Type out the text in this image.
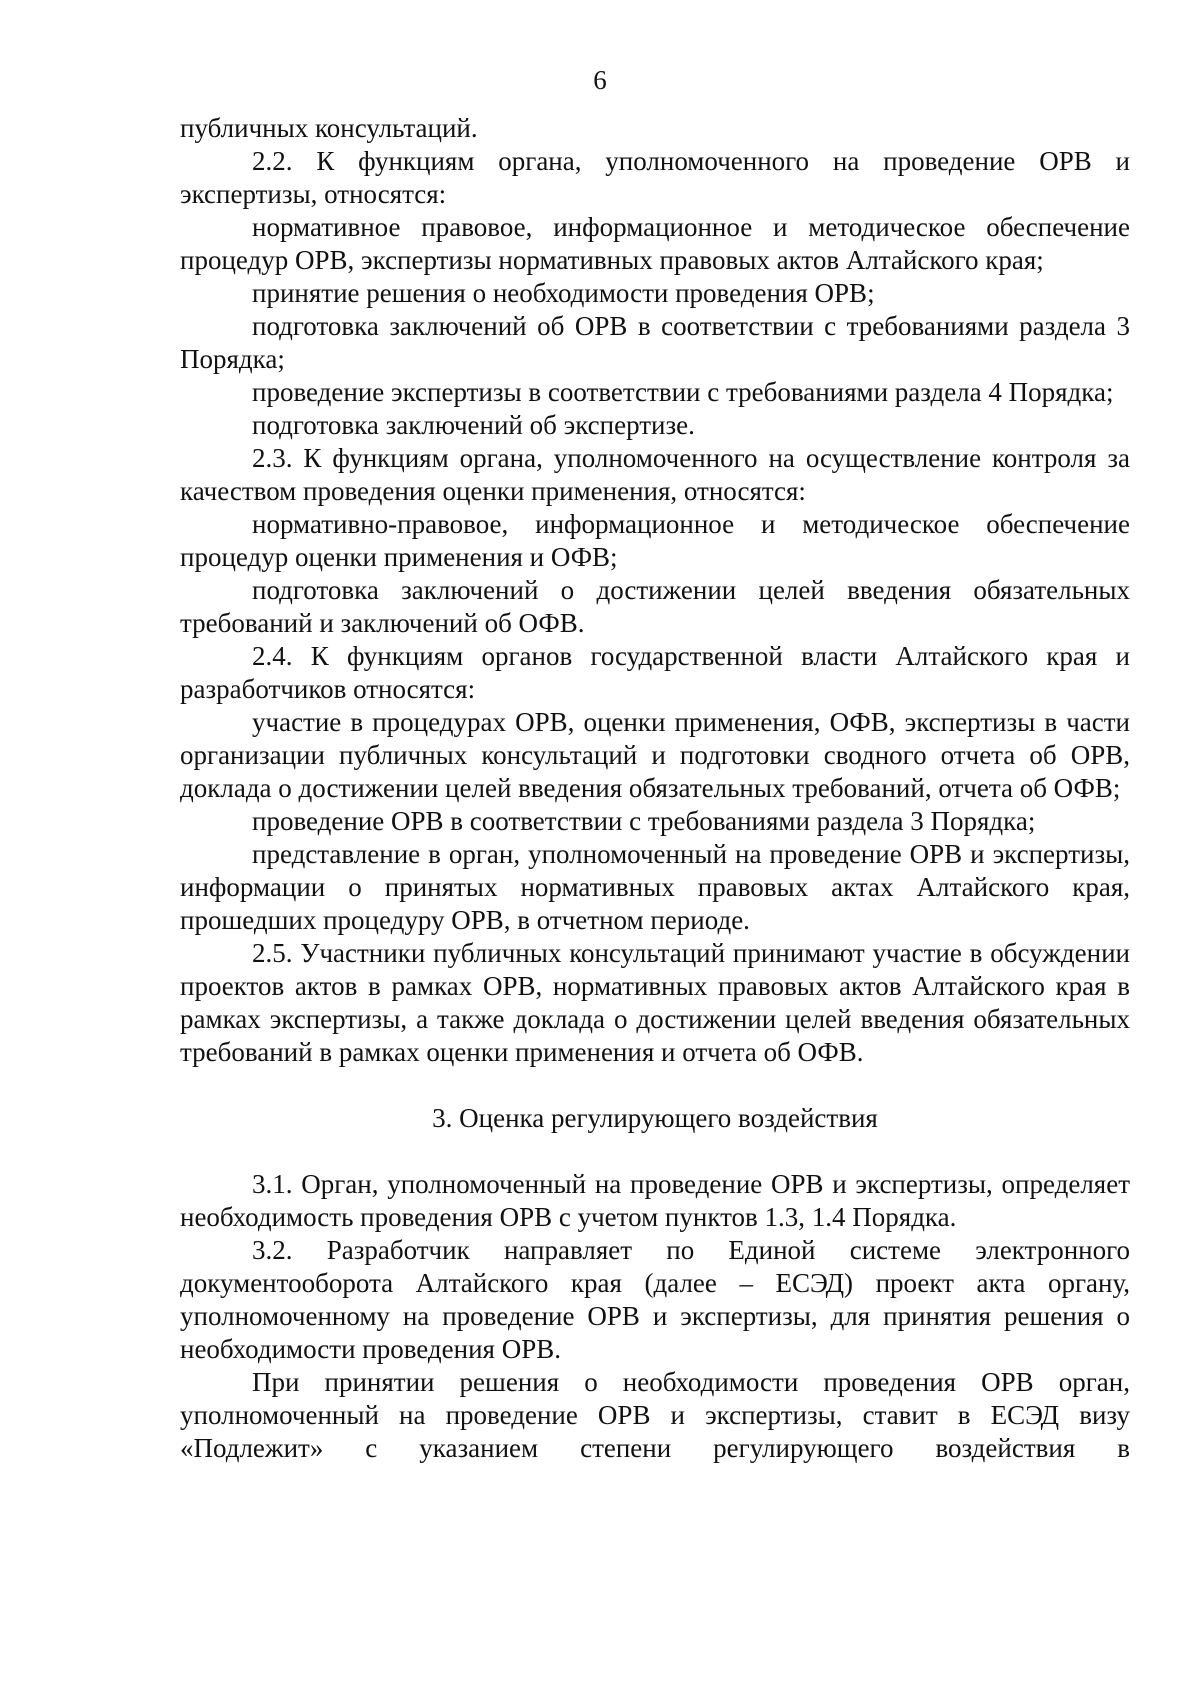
6

публичных консультаций.

2.2. К функциям органа, уполномоченного на проведение ОРВ и экспертизы, относятся:

нормативное правовое, информационное и методическое обеспечение процедур ОРВ, экспертизы нормативных правовых актов Алтайского края;

принятие решения о необходимости проведения ОРВ;

подготовка заключений об ОРВ в соответствии с требованиями раздела 3 Порядка;

проведение экспертизы в соответствии с требованиями раздела 4 Порядка;

подготовка заключений об экспертизе.

2.3. К функциям органа, уполномоченного на осуществление контроля за качеством проведения оценки применения, относятся:

нормативно-правовое, информационное и методическое обеспечение процедур оценки применения и ОФВ;

подготовка заключений о достижении целей введения обязательных требований и заключений об ОФВ.

2.4. К функциям органов государственной власти Алтайского края и разработчиков относятся:

участие в процедурах ОРВ, оценки применения, ОФВ, экспертизы в части организации публичных консультаций и подготовки сводного отчета об ОРВ, доклада о достижении целей введения обязательных требований, отчета об ОФВ;

проведение ОРВ в соответствии с требованиями раздела 3 Порядка;

представление в орган, уполномоченный на проведение ОРВ и экспертизы, информации о принятых нормативных правовых актах Алтайского края, прошедших процедуру ОРВ, в отчетном периоде.

2.5. Участники публичных консультаций принимают участие в обсуждении проектов актов в рамках ОРВ, нормативных правовых актов Алтайского края в рамках экспертизы, а также доклада о достижении целей введения обязательных требований в рамках оценки применения и отчета об ОФВ.

3. Оценка регулирующего воздействия

3.1. Орган, уполномоченный на проведение ОРВ и экспертизы, определяет необходимость проведения ОРВ с учетом пунктов 1.3, 1.4 Порядка.

3.2. Разработчик направляет по Единой системе электронного документооборота Алтайского края (далее – ЕСЭД) проект акта органу, уполномоченному на проведение ОРВ и экспертизы, для принятия решения о необходимости проведения ОРВ.

При принятии решения о необходимости проведения ОРВ орган, уполномоченный на проведение ОРВ и экспертизы, ставит в ЕСЭД визу «Подлежит» с указанием степени регулирующего воздействия в
